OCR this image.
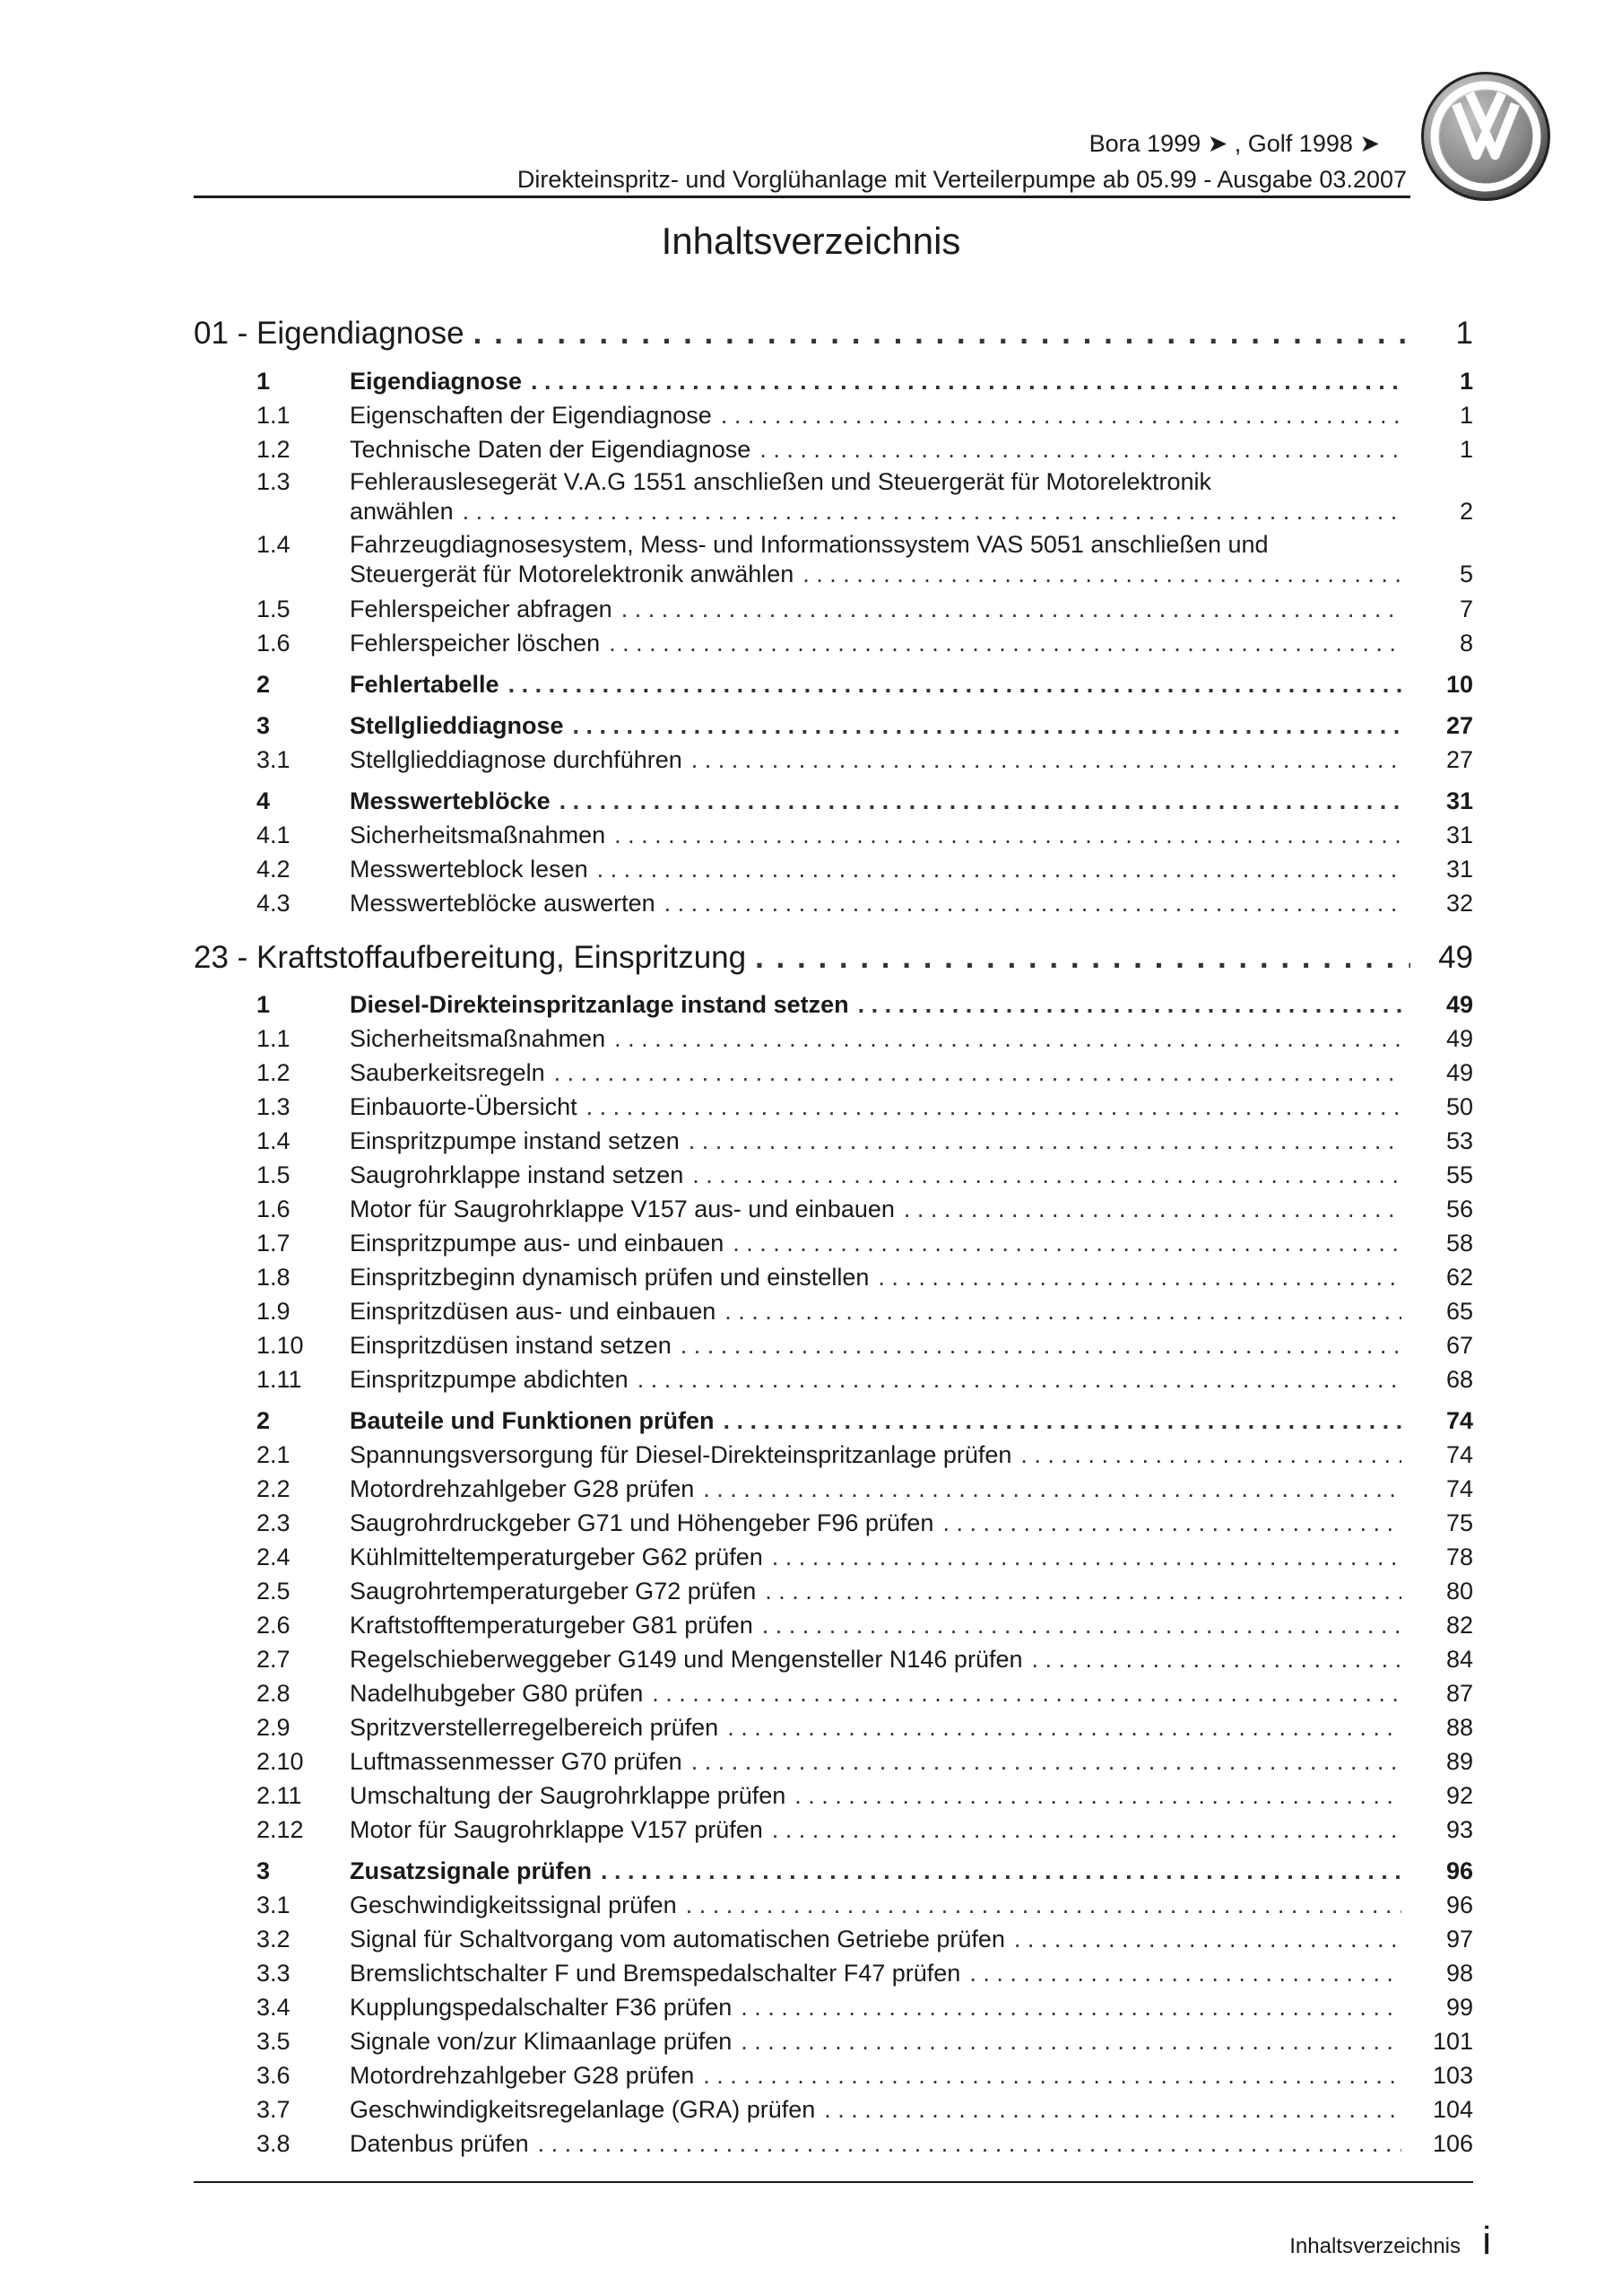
Bora 1999 ➤ , Golf 1998 ➤
Direkteinspritz- und Vorglühanlage mit Verteilerpumpe ab 05.99 - Ausgabe 03.2007
Inhaltsverzeichnis
01 - Eigendiagnose . . .	1
1	Eigendiagnose . . .	1
1.1	Eigenschaften der Eigendiagnose . . .	1
1.2	Technische Daten der Eigendiagnose . . .	1
1.3	Fehlerauslesegerät V.A.G 1551 anschließen und Steuergerät für Motorelektronik
anwählen . . .	2
1.4	Fahrzeugdiagnosesystem, Mess- und Informationssystem VAS 5051 anschließen und
Steuergerät für Motorelektronik anwählen . . .	5
1.5	Fehlerspeicher abfragen . . .	7
1.6	Fehlerspeicher löschen . . .	8
2	Fehlertabelle . . .	10
3	Stellglieddiagnose . . .	27
3.1	Stellglieddiagnose durchführen . . .	27
4	Messwerteblöcke . . .	31
4.1	Sicherheitsmaßnahmen . . .	31
4.2	Messwerteblock lesen . . .	31
4.3	Messwerteblöcke auswerten . . .	32
23 - Kraftstoffaufbereitung, Einspritzung . . .	49
1	Diesel-Direkteinspritzanlage instand setzen . . .	49
1.1	Sicherheitsmaßnahmen . . .	49
1.2	Sauberkeitsregeln . . .	49
1.3	Einbauorte-Übersicht . . .	50
1.4	Einspritzpumpe instand setzen . . .	53
1.5	Saugrohrklappe instand setzen . . .	55
1.6	Motor für Saugrohrklappe V157 aus- und einbauen . . .	56
1.7	Einspritzpumpe aus- und einbauen . . .	58
1.8	Einspritzbeginn dynamisch prüfen und einstellen . . .	62
1.9	Einspritzdüsen aus- und einbauen . . .	65
1.10	Einspritzdüsen instand setzen . . .	67
1.11	Einspritzpumpe abdichten . . .	68
2	Bauteile und Funktionen prüfen . . .	74
2.1	Spannungsversorgung für Diesel-Direkteinspritzanlage prüfen . . .	74
2.2	Motordrehzahlgeber G28 prüfen . . .	74
2.3	Saugrohrdruckgeber G71 und Höhengeber F96 prüfen . . .	75
2.4	Kühlmitteltemperaturgeber G62 prüfen . . .	78
2.5	Saugrohrtemperaturgeber G72 prüfen . . .	80
2.6	Kraftstofftemperaturgeber G81 prüfen . . .	82
2.7	Regelschieberweggeber G149 und Mengensteller N146 prüfen . . .	84
2.8	Nadelhubgeber G80 prüfen . . .	87
2.9	Spritzverstellerregelbereich prüfen . . .	88
2.10	Luftmassenmesser G70 prüfen . . .	89
2.11	Umschaltung der Saugrohrklappe prüfen . . .	92
2.12	Motor für Saugrohrklappe V157 prüfen . . .	93
3	Zusatzsignale prüfen . . .	96
3.1	Geschwindigkeitssignal prüfen . . .	96
3.2	Signal für Schaltvorgang vom automatischen Getriebe prüfen . . .	97
3.3	Bremslichtschalter F und Bremspedalschalter F47 prüfen . . .	98
3.4	Kupplungspedalschalter F36 prüfen . . .	99
3.5	Signale von/zur Klimaanlage prüfen . . .	101
3.6	Motordrehzahlgeber G28 prüfen . . .	103
3.7	Geschwindigkeitsregelanlage (GRA) prüfen . . .	104
3.8	Datenbus prüfen . . .	106
Inhaltsverzeichnis i
